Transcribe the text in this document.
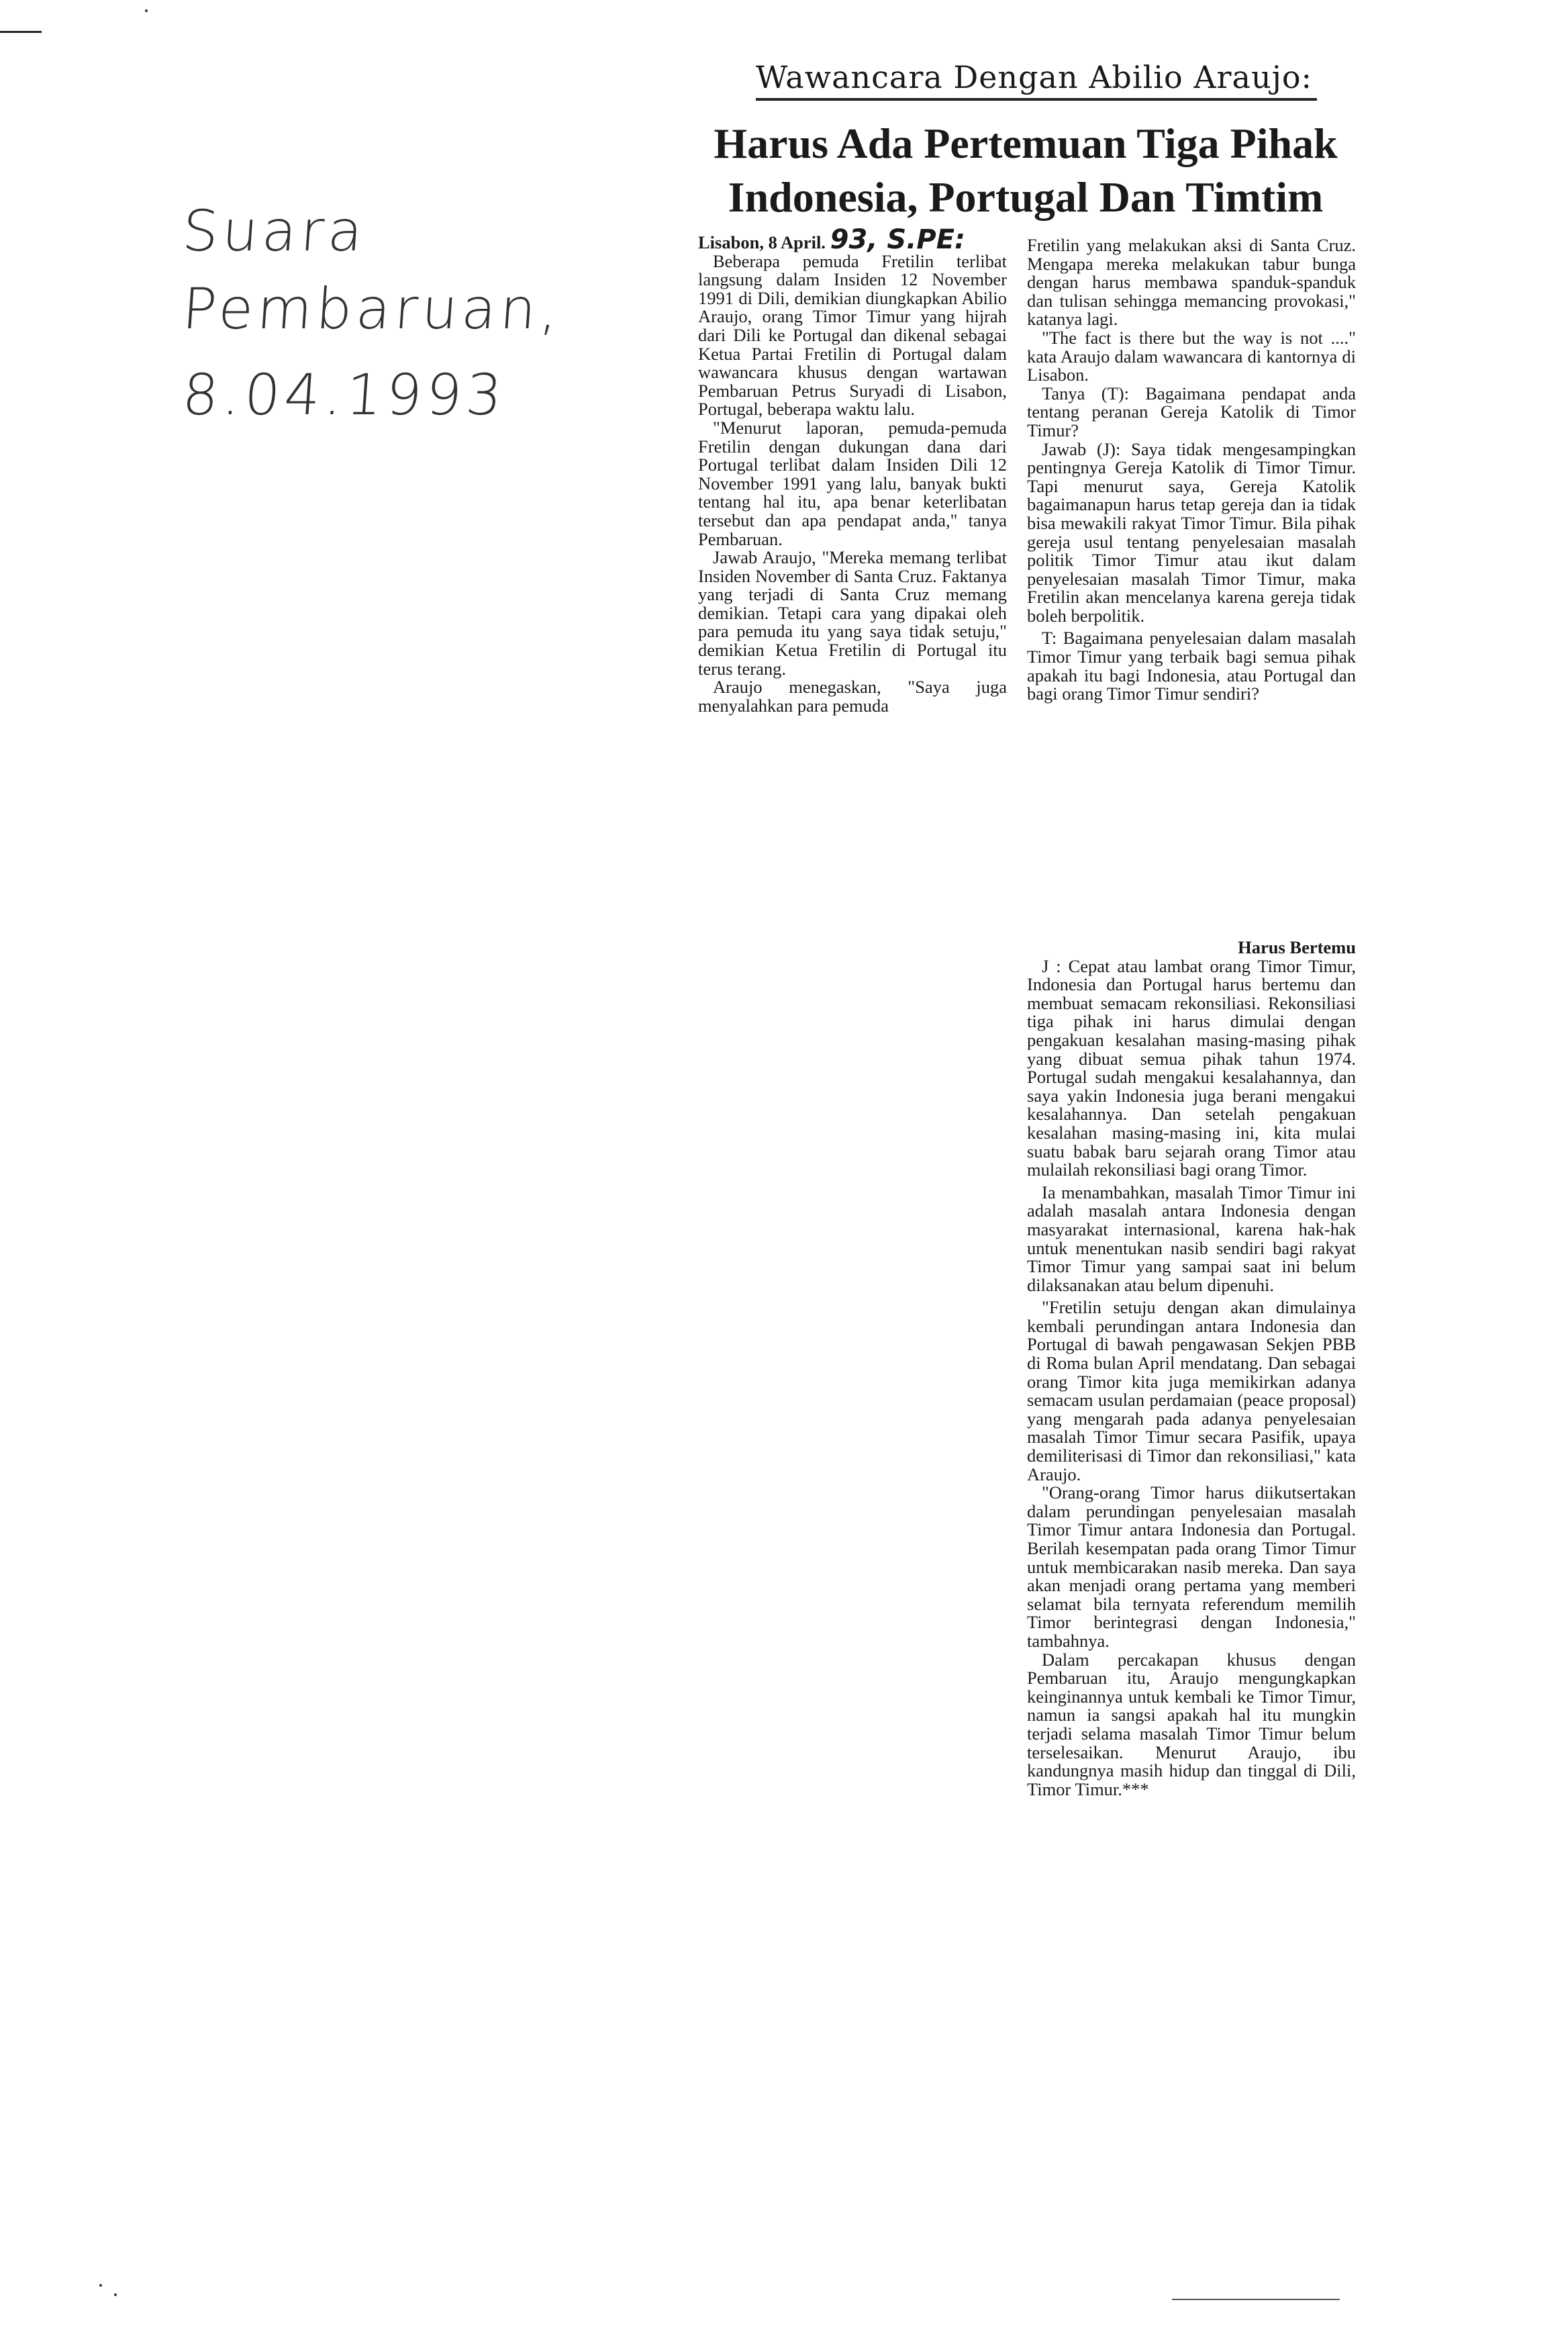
Suara
Pembaruan,
8.04.1993
Wawancara Dengan Abilio Araujo:
Harus Ada Pertemuan Tiga Pihak
Indonesia, Portugal Dan Timtim

Lisabon, 8 April. 93, S.PE:

Beberapa pemuda Fretilin terlibat langsung dalam Insiden 12 November 1991 di Dili, demikian diungkapkan Abilio Araujo, orang Timor Timur yang hijrah dari Dili ke Portugal dan dikenal sebagai Ketua Partai Fretilin di Portugal dalam wawancara khusus dengan wartawan Pembaruan Petrus Suryadi di Lisabon, Portugal, beberapa waktu lalu.

"Menurut laporan, pemuda-pemuda Fretilin dengan dukungan dana dari Portugal terlibat dalam Insiden Dili 12 November 1991 yang lalu, banyak bukti tentang hal itu, apa benar keterlibatan tersebut dan apa pendapat anda," tanya Pembaruan.

Jawab Araujo, "Mereka memang terlibat Insiden November di Santa Cruz. Faktanya yang terjadi di Santa Cruz memang demikian. Tetapi cara yang dipakai oleh para pemuda itu yang saya tidak setuju," demikian Ketua Fretilin di Portugal itu terus terang.

Araujo menegaskan, "Saya juga menyalahkan para pemuda

Fretilin yang melakukan aksi di Santa Cruz. Mengapa mereka melakukan tabur bunga dengan harus membawa spanduk-spanduk dan tulisan sehingga memancing provokasi," katanya lagi.

"The fact is there but the way is not ...." kata Araujo dalam wawancara di kantornya di Lisabon.

Tanya (T): Bagaimana pendapat anda tentang peranan Gereja Katolik di Timor Timur?

Jawab (J): Saya tidak mengesampingkan pentingnya Gereja Katolik di Timor Timur. Tapi menurut saya, Gereja Katolik bagaimanapun harus tetap gereja dan ia tidak bisa mewakili rakyat Timor Timur. Bila pihak gereja usul tentang penyelesaian masalah politik Timor Timur atau ikut dalam penyelesaian masalah Timor Timur, maka Fretilin akan mencelanya karena gereja tidak boleh berpolitik.

T: Bagaimana penyelesaian dalam masalah Timor Timur yang terbaik bagi semua pihak apakah itu bagi Indonesia, atau Portugal dan bagi orang Timor Timur sendiri?

Harus Bertemu

J : Cepat atau lambat orang Timor Timur, Indonesia dan Portugal harus bertemu dan membuat semacam rekonsiliasi. Rekonsiliasi tiga pihak ini harus dimulai dengan pengakuan kesalahan masing-masing pihak yang dibuat semua pihak tahun 1974. Portugal sudah mengakui kesalahannya, dan saya yakin Indonesia juga berani mengakui kesalahannya. Dan setelah pengakuan kesalahan masing-masing ini, kita mulai suatu babak baru sejarah orang Timor atau mulailah rekonsiliasi bagi orang Timor.

Ia menambahkan, masalah Timor Timur ini adalah masalah antara Indonesia dengan masyarakat internasional, karena hak-hak untuk menentukan nasib sendiri bagi rakyat Timor Timur yang sampai saat ini belum dilaksanakan atau belum dipenuhi.

"Fretilin setuju dengan akan dimulainya kembali perundingan antara Indonesia dan Portugal di bawah pengawasan Sekjen PBB di Roma bulan April mendatang. Dan sebagai orang Timor kita juga memikirkan adanya semacam usulan perdamaian (peace proposal) yang mengarah pada adanya penyelesaian masalah Timor Timur secara Pasifik, upaya demiliterisasi di Timor dan rekonsiliasi," kata Araujo.

"Orang-orang Timor harus diikutsertakan dalam perundingan penyelesaian masalah Timor Timur antara Indonesia dan Portugal. Berilah kesempatan pada orang Timor Timur untuk membicarakan nasib mereka. Dan saya akan menjadi orang pertama yang memberi selamat bila ternyata referendum memilih Timor berintegrasi dengan Indonesia," tambahnya.

Dalam percakapan khusus dengan Pembaruan itu, Araujo mengungkapkan keinginannya untuk kembali ke Timor Timur, namun ia sangsi apakah hal itu mungkin terjadi selama masalah Timor Timur belum terselesaikan. Menurut Araujo, ibu kandungnya masih hidup dan tinggal di Dili, Timor Timur.***
